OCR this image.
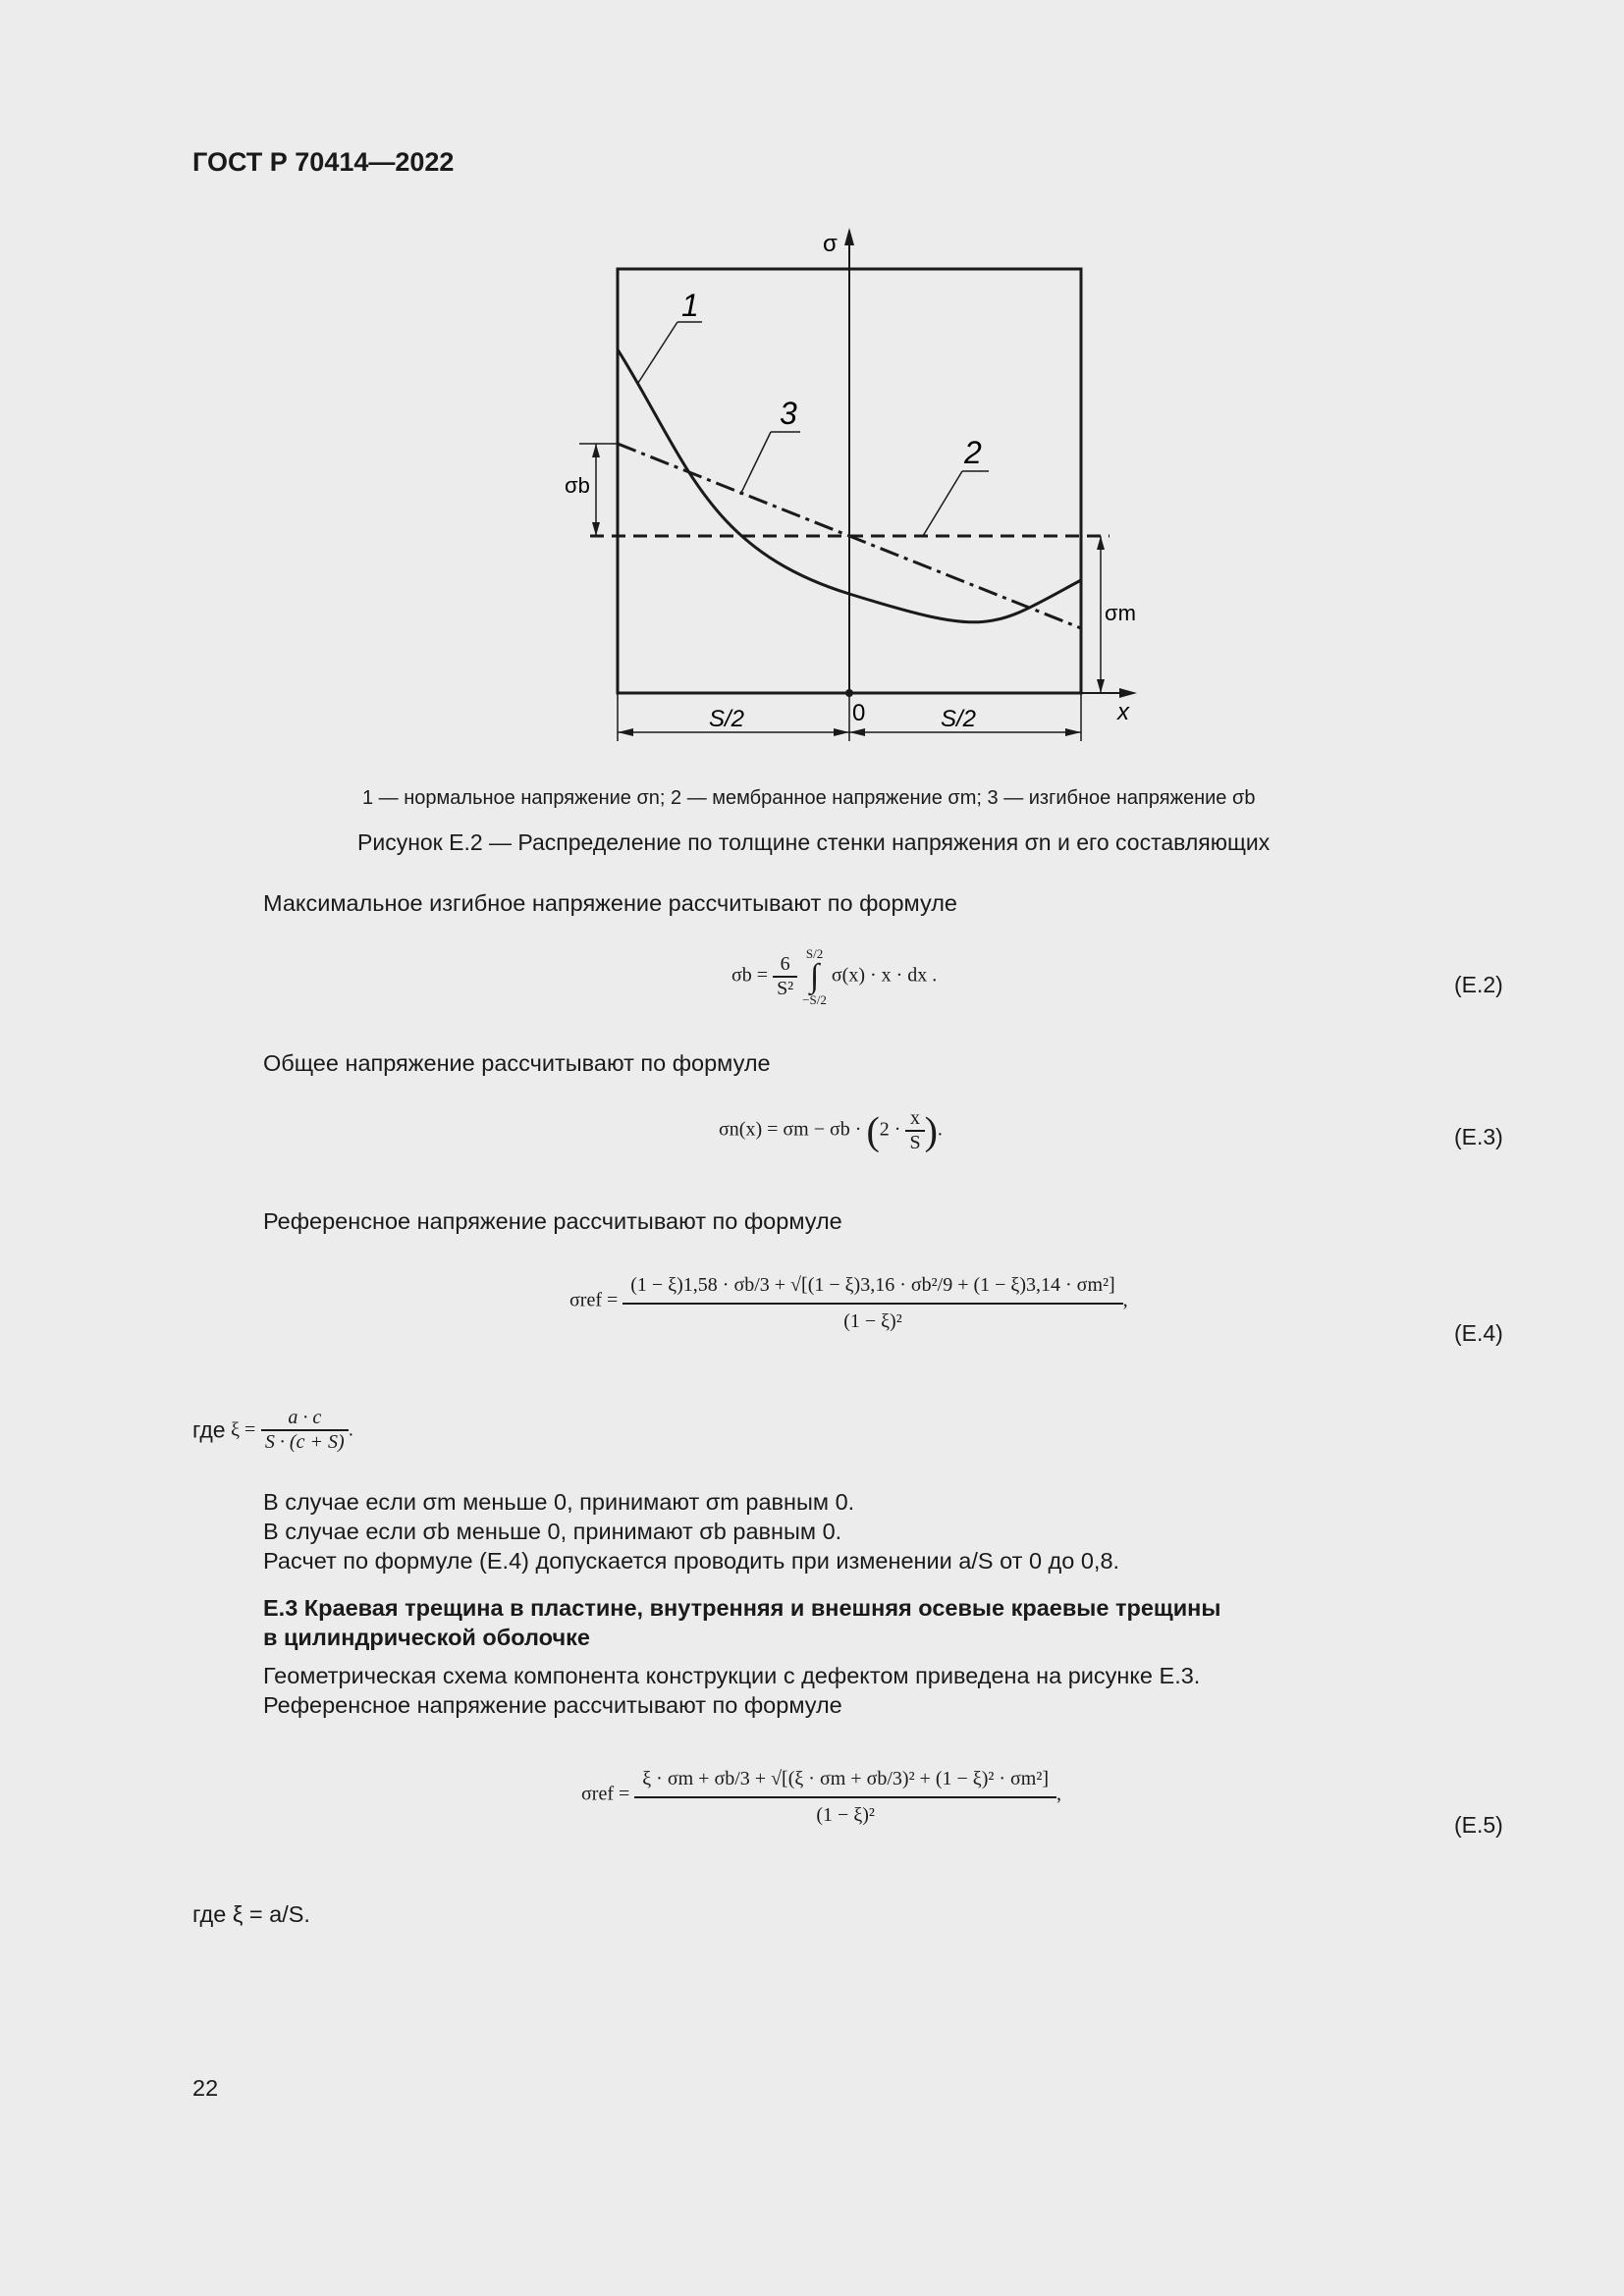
ГОСТ Р 70414—2022
σ
x
0
S/2	S/2
1
3
2
σb
σm
1 — нормальное напряжение σn; 2 — мембранное напряжение σm; 3 — изгибное напряжение σb
Рисунок Е.2 — Распределение по толщине стенки напряжения σn и его составляющих
Максимальное изгибное напряжение рассчитывают по формуле
$\sigma b = \frac{6}{\text{S²}}$
S/2
∫
−S/2
σ(x) · x · dx .	(Е.2)
Общее напряжение рассчитывают по формуле
$\sigma n(x) = \sigma m - \sigma b \cdot (2 \cdot \frac{x}{S}$ ).	(Е.3)
Референсное напряжение рассчитывают по формуле
σref =
(1 − ξ)1,58 · σb/3 + √[(1 − ξ)3,16 · σb²/9 + (1 − ξ)3,14 · σm²]
(1 − ξ)²
,
(Е.4)
где $\xi = \frac{a \cdot c}{S \cdot (c + S)}$ .
В случае если σm меньше 0, принимают σm равным 0.
В случае если σb меньше 0, принимают σb равным 0.
Расчет по формуле (Е.4) допускается проводить при изменении a/S от 0 до 0,8.
Е.3 Краевая трещина в пластине, внутренняя и внешняя осевые краевые трещины
в цилиндрической оболочке
Геометрическая схема компонента конструкции с дефектом приведена на рисунке Е.3.
Референсное напряжение рассчитывают по формуле
$\sigma ref = \frac{\text{ξ · σm + σb/3 + √[(ξ · σm + σb/3)² + (1 − ξ)² · σm²]}}{\text{(1 − ξ)²}}$ ,
(Е.5)
где ξ = a/S.
22
